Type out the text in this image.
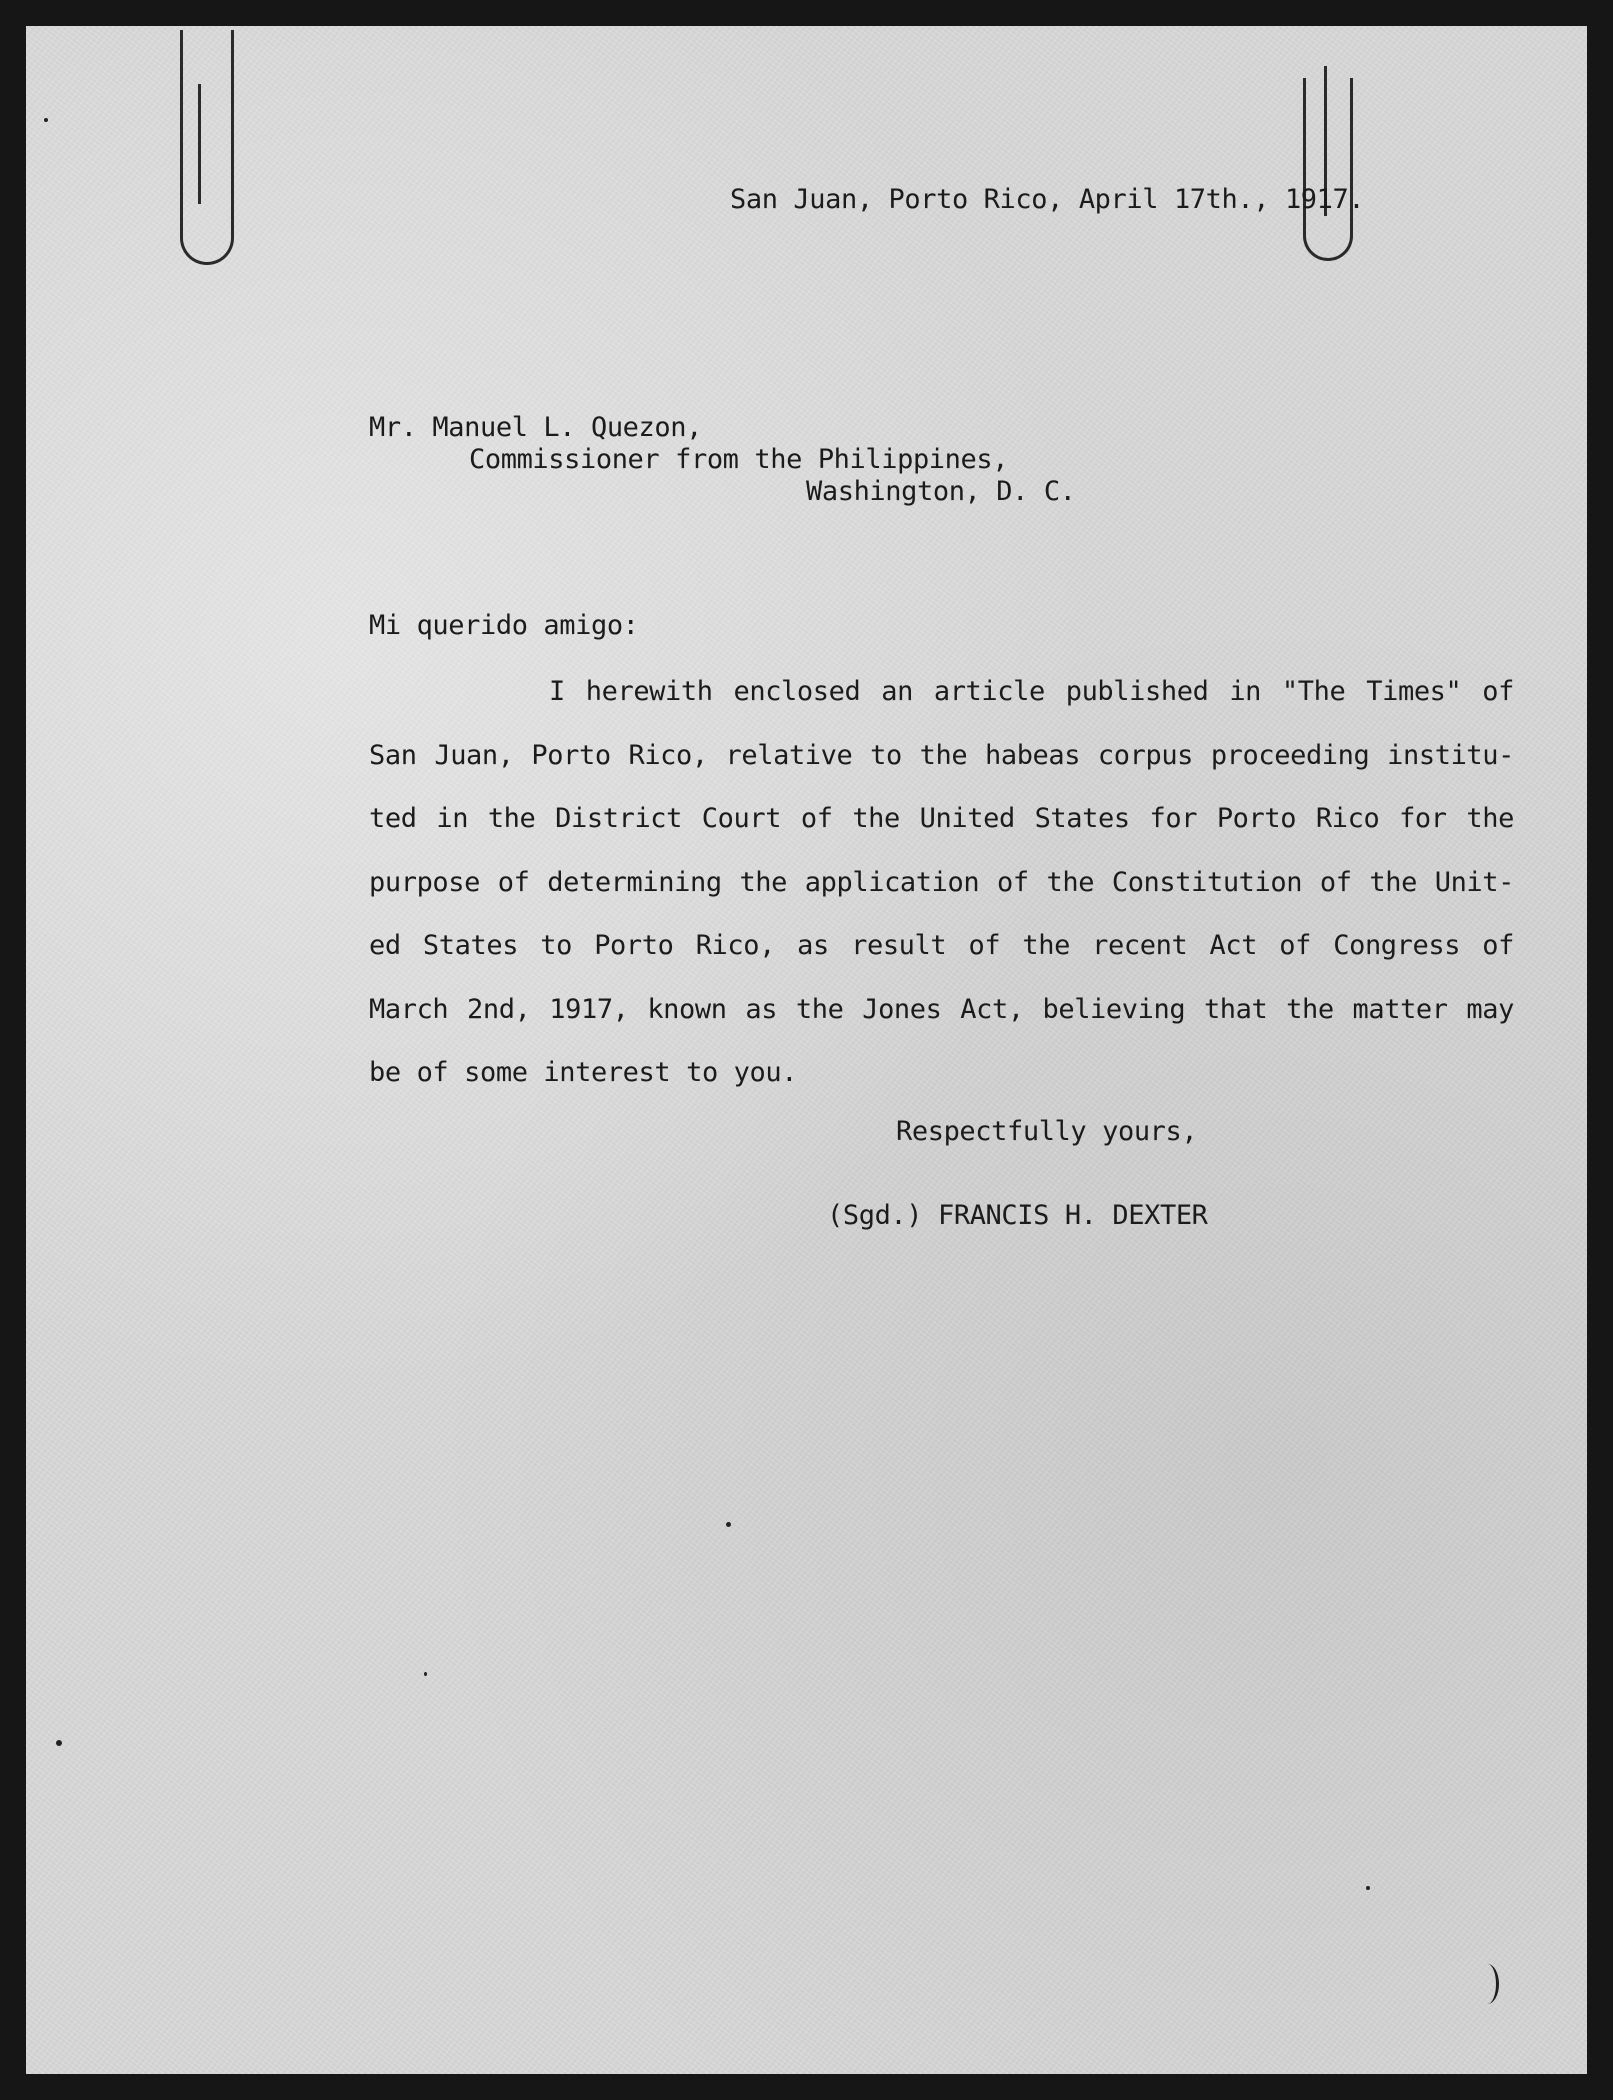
San Juan, Porto Rico, April 17th., 1917.
Mr. Manuel L. Quezon,
Commissioner from the Philippines,
Washington, D. C.
Mi querido amigo:
I herewith enclosed an article published in "The Times" of
San Juan, Porto Rico, relative to the habeas corpus proceeding institu-
ted in the District Court of the United States for Porto Rico for the
purpose of determining the application of the Constitution of the Unit-
ed States to Porto Rico, as result of the recent Act of Congress of
March 2nd, 1917, known as the Jones Act, believing that the matter may
be of some interest to you.
Respectfully yours,
(Sgd.) FRANCIS H. DEXTER
